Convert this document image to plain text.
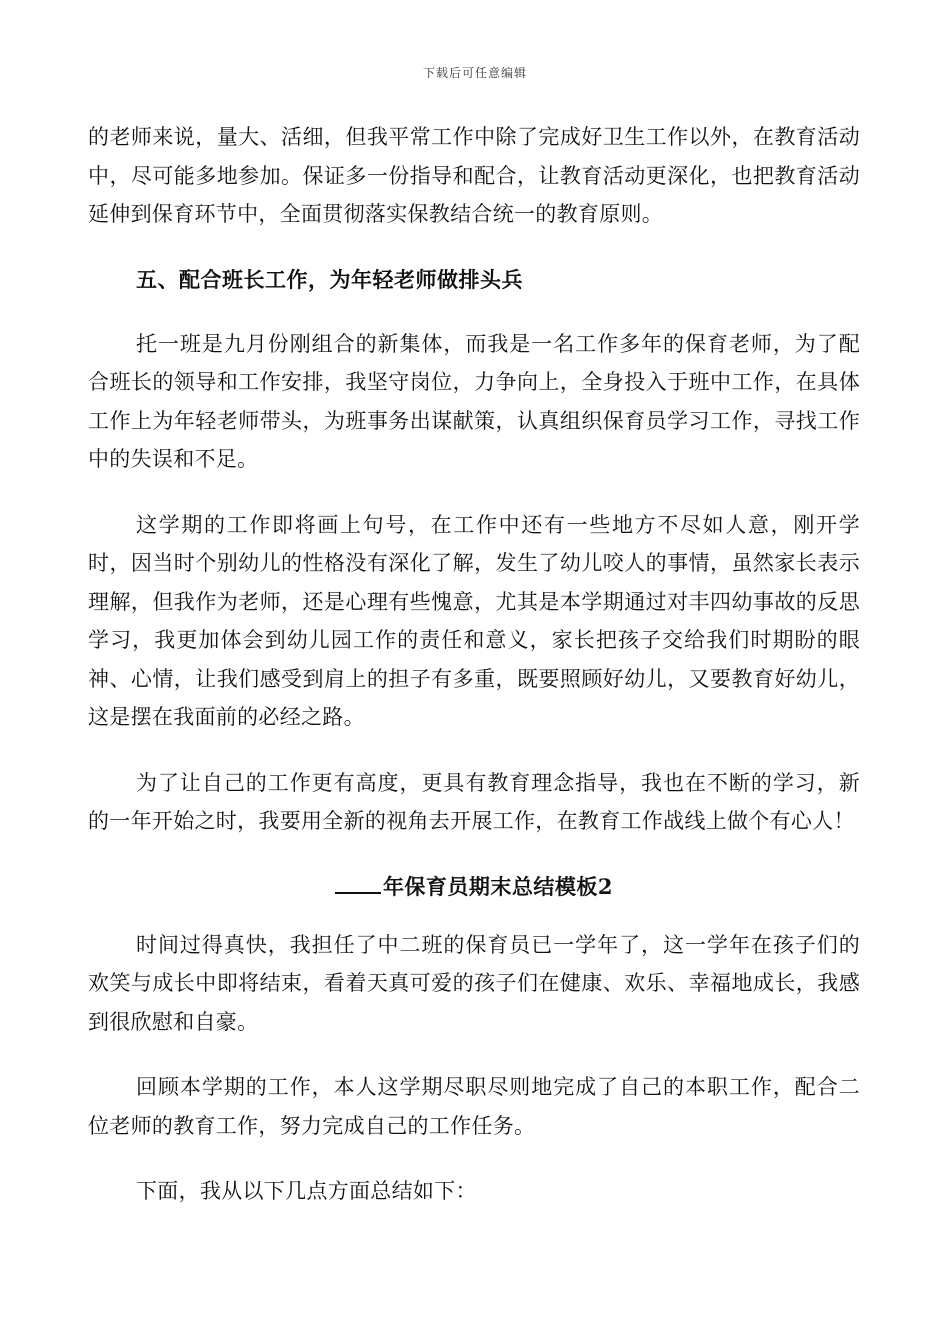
下载后可任意编辑

的老师来说，量大、活细，但我平常工作中除了完成好卫生工作以外，在教育活动中，尽可能多地参加。保证多一份指导和配合，让教育活动更深化，也把教育活动延伸到保育环节中，全面贯彻落实保教结合统一的教育原则。

五、配合班长工作，为年轻老师做排头兵

托一班是九月份刚组合的新集体，而我是一名工作多年的保育老师，为了配合班长的领导和工作安排，我坚守岗位，力争向上，全身投入于班中工作，在具体工作上为年轻老师带头，为班事务出谋献策，认真组织保育员学习工作，寻找工作中的失误和不足。

这学期的工作即将画上句号，在工作中还有一些地方不尽如人意，刚开学时，因当时个别幼儿的性格没有深化了解，发生了幼儿咬人的事情，虽然家长表示理解，但我作为老师，还是心理有些愧意，尤其是本学期通过对丰四幼事故的反思学习，我更加体会到幼儿园工作的责任和意义，家长把孩子交给我们时期盼的眼神、心情，让我们感受到肩上的担子有多重，既要照顾好幼儿，又要教育好幼儿，这是摆在我面前的必经之路。

为了让自己的工作更有高度，更具有教育理念指导，我也在不断的学习，新的一年开始之时，我要用全新的视角去开展工作，在教育工作战线上做个有心人！

年保育员期末总结模板2

时间过得真快，我担任了中二班的保育员已一学年了，这一学年在孩子们的欢笑与成长中即将结束，看着天真可爱的孩子们在健康、欢乐、幸福地成长，我感到很欣慰和自豪。

回顾本学期的工作，本人这学期尽职尽则地完成了自己的本职工作，配合二位老师的教育工作，努力完成自己的工作任务。

下面，我从以下几点方面总结如下：
